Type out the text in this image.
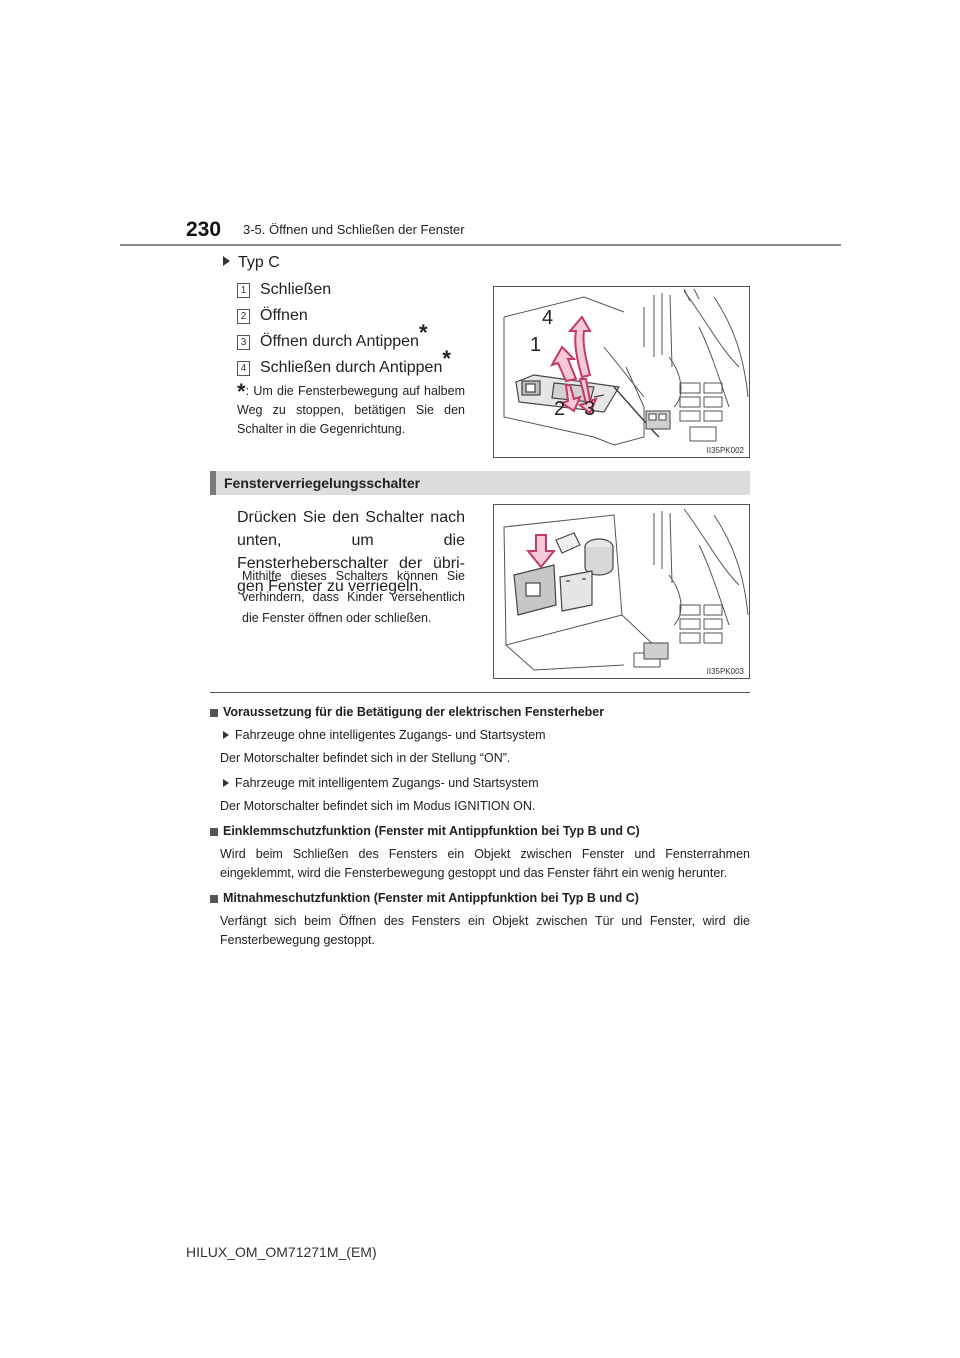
230 3-5. Öffnen und Schließen der Fenster
Typ C
1 Schließen
2 Öffnen
3 Öffnen durch Antippen *
4 Schließen durch Antippen *
*: Um die Fensterbewegung auf halbem Weg zu stoppen, betätigen Sie den Schalter in die Gegenrichtung.
4
1
2 3
II35PK002
Fensterverriegelungsschalter
Drücken Sie den Schalter nach unten, um die Fensterheberschalter der übrigen Fenster zu verriegeln.
Mithilfe dieses Schalters können Sie verhindern, dass Kinder versehentlich die Fenster öffnen oder schließen.
II35PK003
Voraussetzung für die Betätigung der elektrischen Fensterheber
Fahrzeuge ohne intelligentes Zugangs- und Startsystem
Der Motorschalter befindet sich in der Stellung “ON”.
Fahrzeuge mit intelligentem Zugangs- und Startsystem
Der Motorschalter befindet sich im Modus IGNITION ON.
Einklemmschutzfunktion (Fenster mit Antippfunktion bei Typ B und C)
Wird beim Schließen des Fensters ein Objekt zwischen Fenster und Fensterrahmen eingeklemmt, wird die Fensterbewegung gestoppt und das Fenster fährt ein wenig herunter.
Mitnahmeschutzfunktion (Fenster mit Antippfunktion bei Typ B und C)
Verfängt sich beim Öffnen des Fensters ein Objekt zwischen Tür und Fenster, wird die Fensterbewegung gestoppt.
HILUX_OM_OM71271M_(EM)
